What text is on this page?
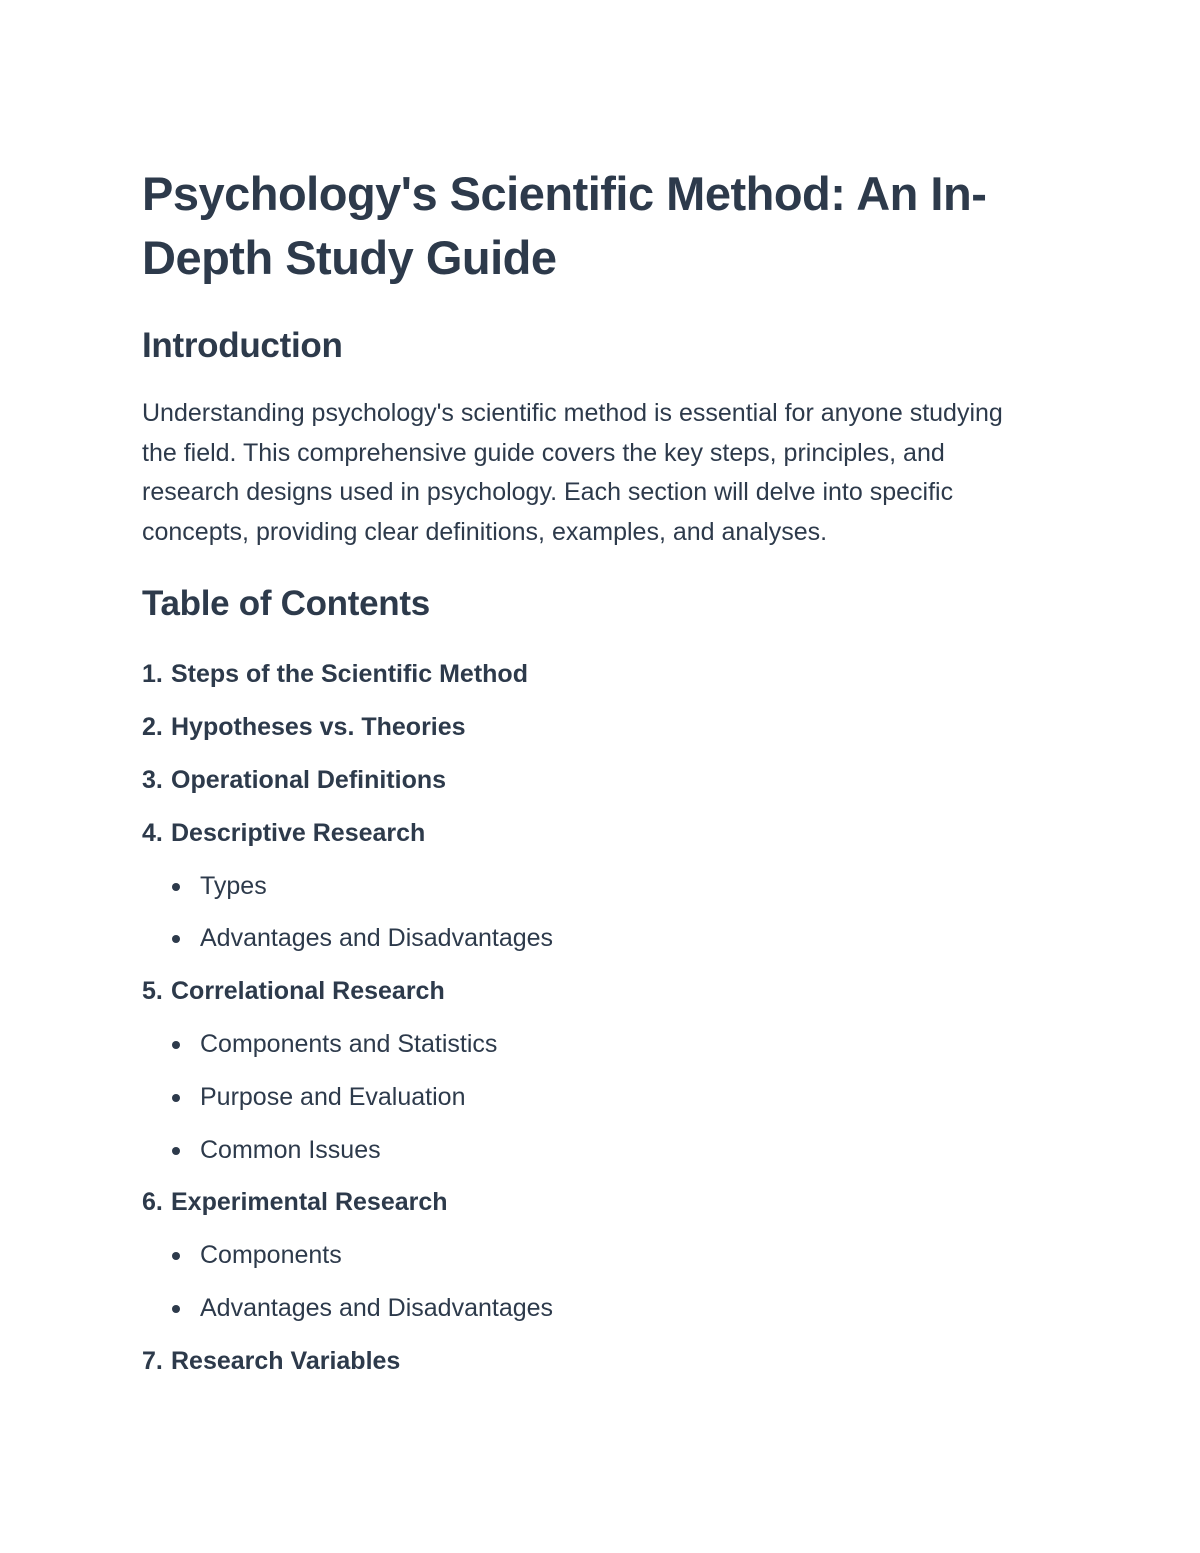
Psychology's Scientific Method: An In-Depth Study Guide
Introduction

Understanding psychology's scientific method is essential for anyone studying the field. This comprehensive guide covers the key steps, principles, and research designs used in psychology. Each section will delve into specific concepts, providing clear definitions, examples, and analyses.

Table of Contents
1. Steps of the Scientific Method
2. Hypotheses vs. Theories
3. Operational Definitions
4. Descriptive Research
Types
Advantages and Disadvantages
5. Correlational Research
Components and Statistics
Purpose and Evaluation
Common Issues
6. Experimental Research
Components
Advantages and Disadvantages
7. Research Variables
